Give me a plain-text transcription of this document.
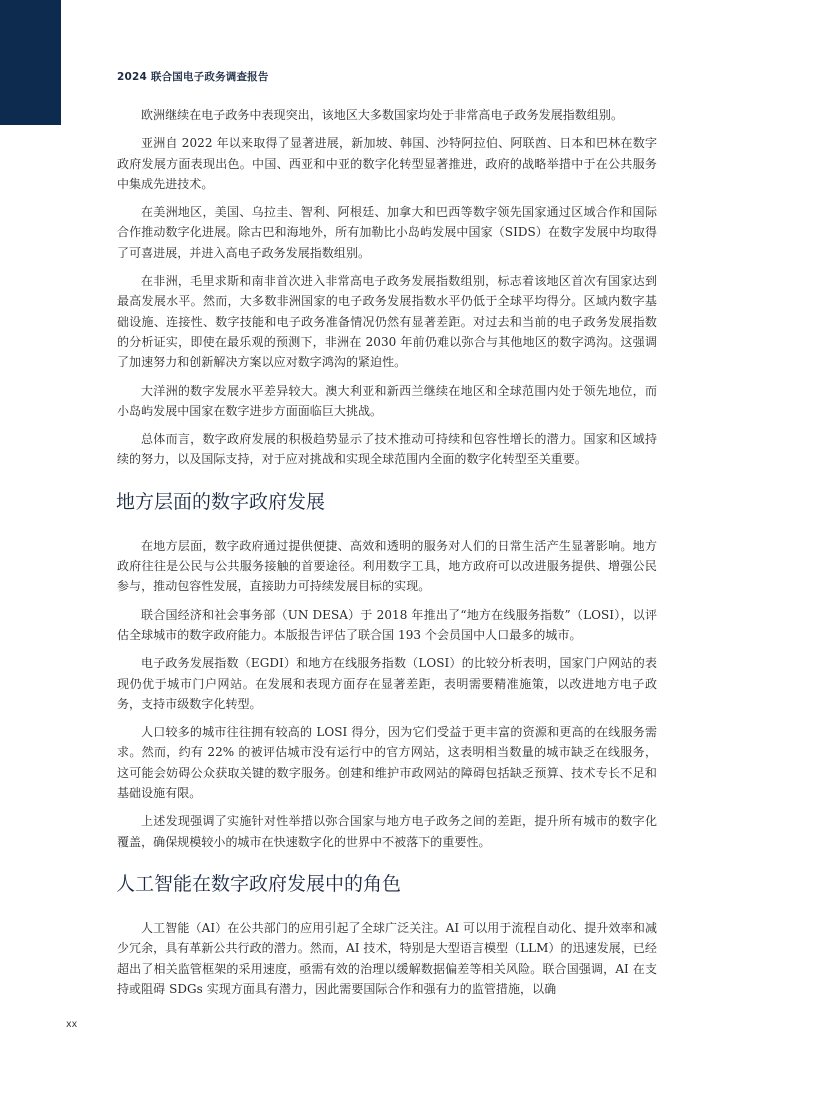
2024 联合国电子政务调查报告

欧洲继续在电子政务中表现突出，该地区大多数国家均处于非常高电子政务发展指数组别。

亚洲自 2022 年以来取得了显著进展，新加坡、韩国、沙特阿拉伯、阿联酋、日本和巴林在数字政府发展方面表现出色。中国、西亚和中亚的数字化转型显著推进，政府的战略举措中于在公共服务中集成先进技术。

在美洲地区，美国、乌拉圭、智利、阿根廷、加拿大和巴西等数字领先国家通过区域合作和国际合作推动数字化进展。除古巴和海地外，所有加勒比小岛屿发展中国家（SIDS）在数字发展中均取得了可喜进展，并进入高电子政务发展指数组别。

在非洲，毛里求斯和南非首次进入非常高电子政务发展指数组别，标志着该地区首次有国家达到最高发展水平。然而，大多数非洲国家的电子政务发展指数水平仍低于全球平均得分。区域内数字基础设施、连接性、数字技能和电子政务准备情况仍然有显著差距。对过去和当前的电子政务发展指数的分析证实，即使在最乐观的预测下，非洲在 2030 年前仍难以弥合与其他地区的数字鸿沟。这强调了加速努力和创新解决方案以应对数字鸿沟的紧迫性。

大洋洲的数字发展水平差异较大。澳大利亚和新西兰继续在地区和全球范围内处于领先地位，而小岛屿发展中国家在数字进步方面面临巨大挑战。

总体而言，数字政府发展的积极趋势显示了技术推动可持续和包容性增长的潜力。国家和区域持续的努力，以及国际支持，对于应对挑战和实现全球范围内全面的数字化转型至关重要。

地方层面的数字政府发展

在地方层面，数字政府通过提供便捷、高效和透明的服务对人们的日常生活产生显著影响。地方政府往往是公民与公共服务接触的首要途径。利用数字工具，地方政府可以改进服务提供、增强公民参与，推动包容性发展，直接助力可持续发展目标的实现。

联合国经济和社会事务部（UN DESA）于 2018 年推出了“地方在线服务指数”（LOSI），以评估全球城市的数字政府能力。本版报告评估了联合国 193 个会员国中人口最多的城市。

电子政务发展指数（EGDI）和地方在线服务指数（LOSI）的比较分析表明，国家门户网站的表现仍优于城市门户网站。在发展和表现方面存在显著差距，表明需要精准施策，以改进地方电子政务，支持市级数字化转型。

人口较多的城市往往拥有较高的 LOSI 得分，因为它们受益于更丰富的资源和更高的在线服务需求。然而，约有 22% 的被评估城市没有运行中的官方网站，这表明相当数量的城市缺乏在线服务，这可能会妨碍公众获取关键的数字服务。创建和维护市政网站的障碍包括缺乏预算、技术专长不足和基础设施有限。

上述发现强调了实施针对性举措以弥合国家与地方电子政务之间的差距，提升所有城市的数字化覆盖，确保规模较小的城市在快速数字化的世界中不被落下的重要性。

人工智能在数字政府发展中的角色

人工智能（AI）在公共部门的应用引起了全球广泛关注。AI 可以用于流程自动化、提升效率和减少冗余，具有革新公共行政的潜力。然而，AI 技术，特别是大型语言模型（LLM）的迅速发展，已经超出了相关监管框架的采用速度，亟需有效的治理以缓解数据偏差等相关风险。联合国强调，AI 在支持或阻碍 SDGs 实现方面具有潜力，因此需要国际合作和强有力的监管措施，以确

xx
